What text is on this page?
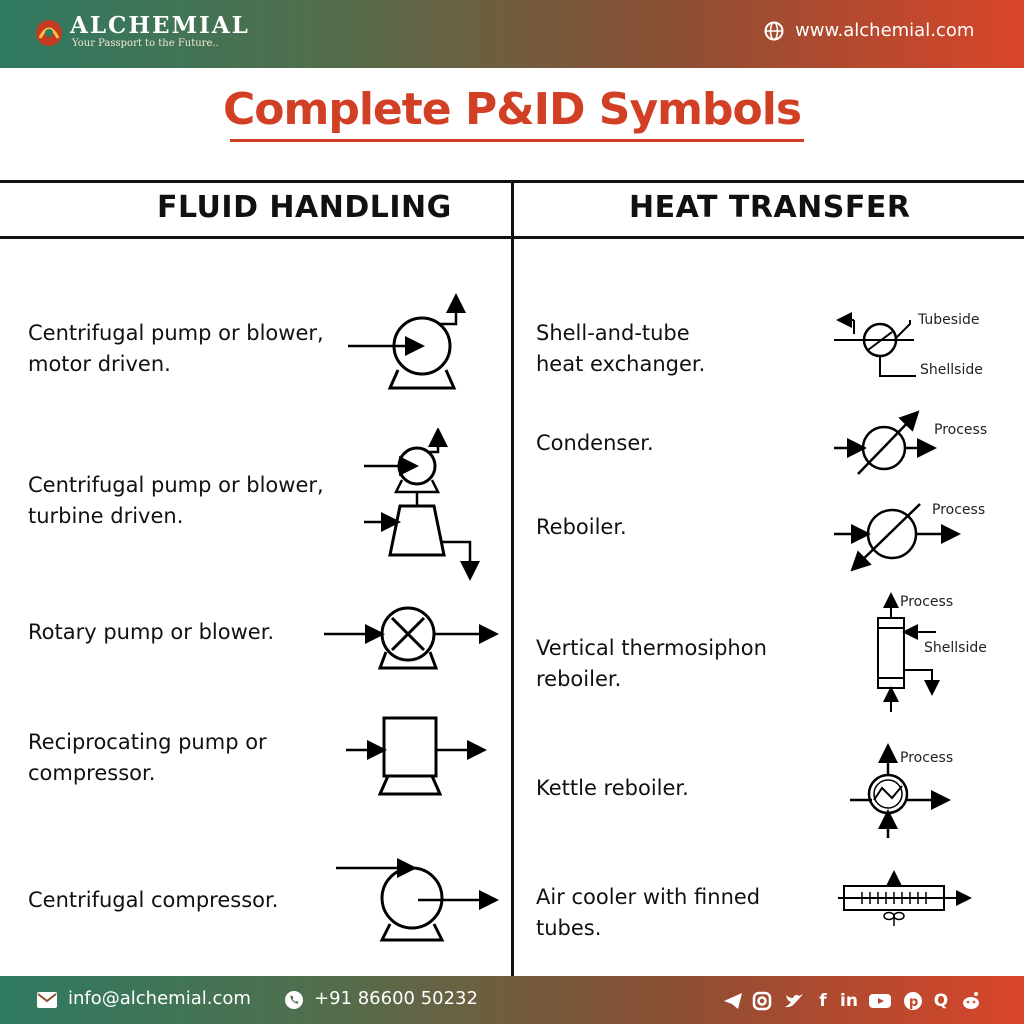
ALCHEMIAL
Your Passport to the Future..
www.alchemial.com
Complete P&ID Symbols
FLUID HANDLING	HEAT TRANSFER
Centrifugal pump or blower, motor driven.
Centrifugal pump or blower, turbine driven.
Rotary pump or blower.
Reciprocating pump or compressor.
Centrifugal compressor.
Shell-and-tube heat exchanger.
Condenser.
Reboiler.
Vertical thermosiphon reboiler.
Kettle reboiler.
Air cooler with finned tubes.
Tubeside
Shellside
Process
Process
Process
Shellside
Process
info@alchemial.com	+91 86600 50232	f in	p Q
